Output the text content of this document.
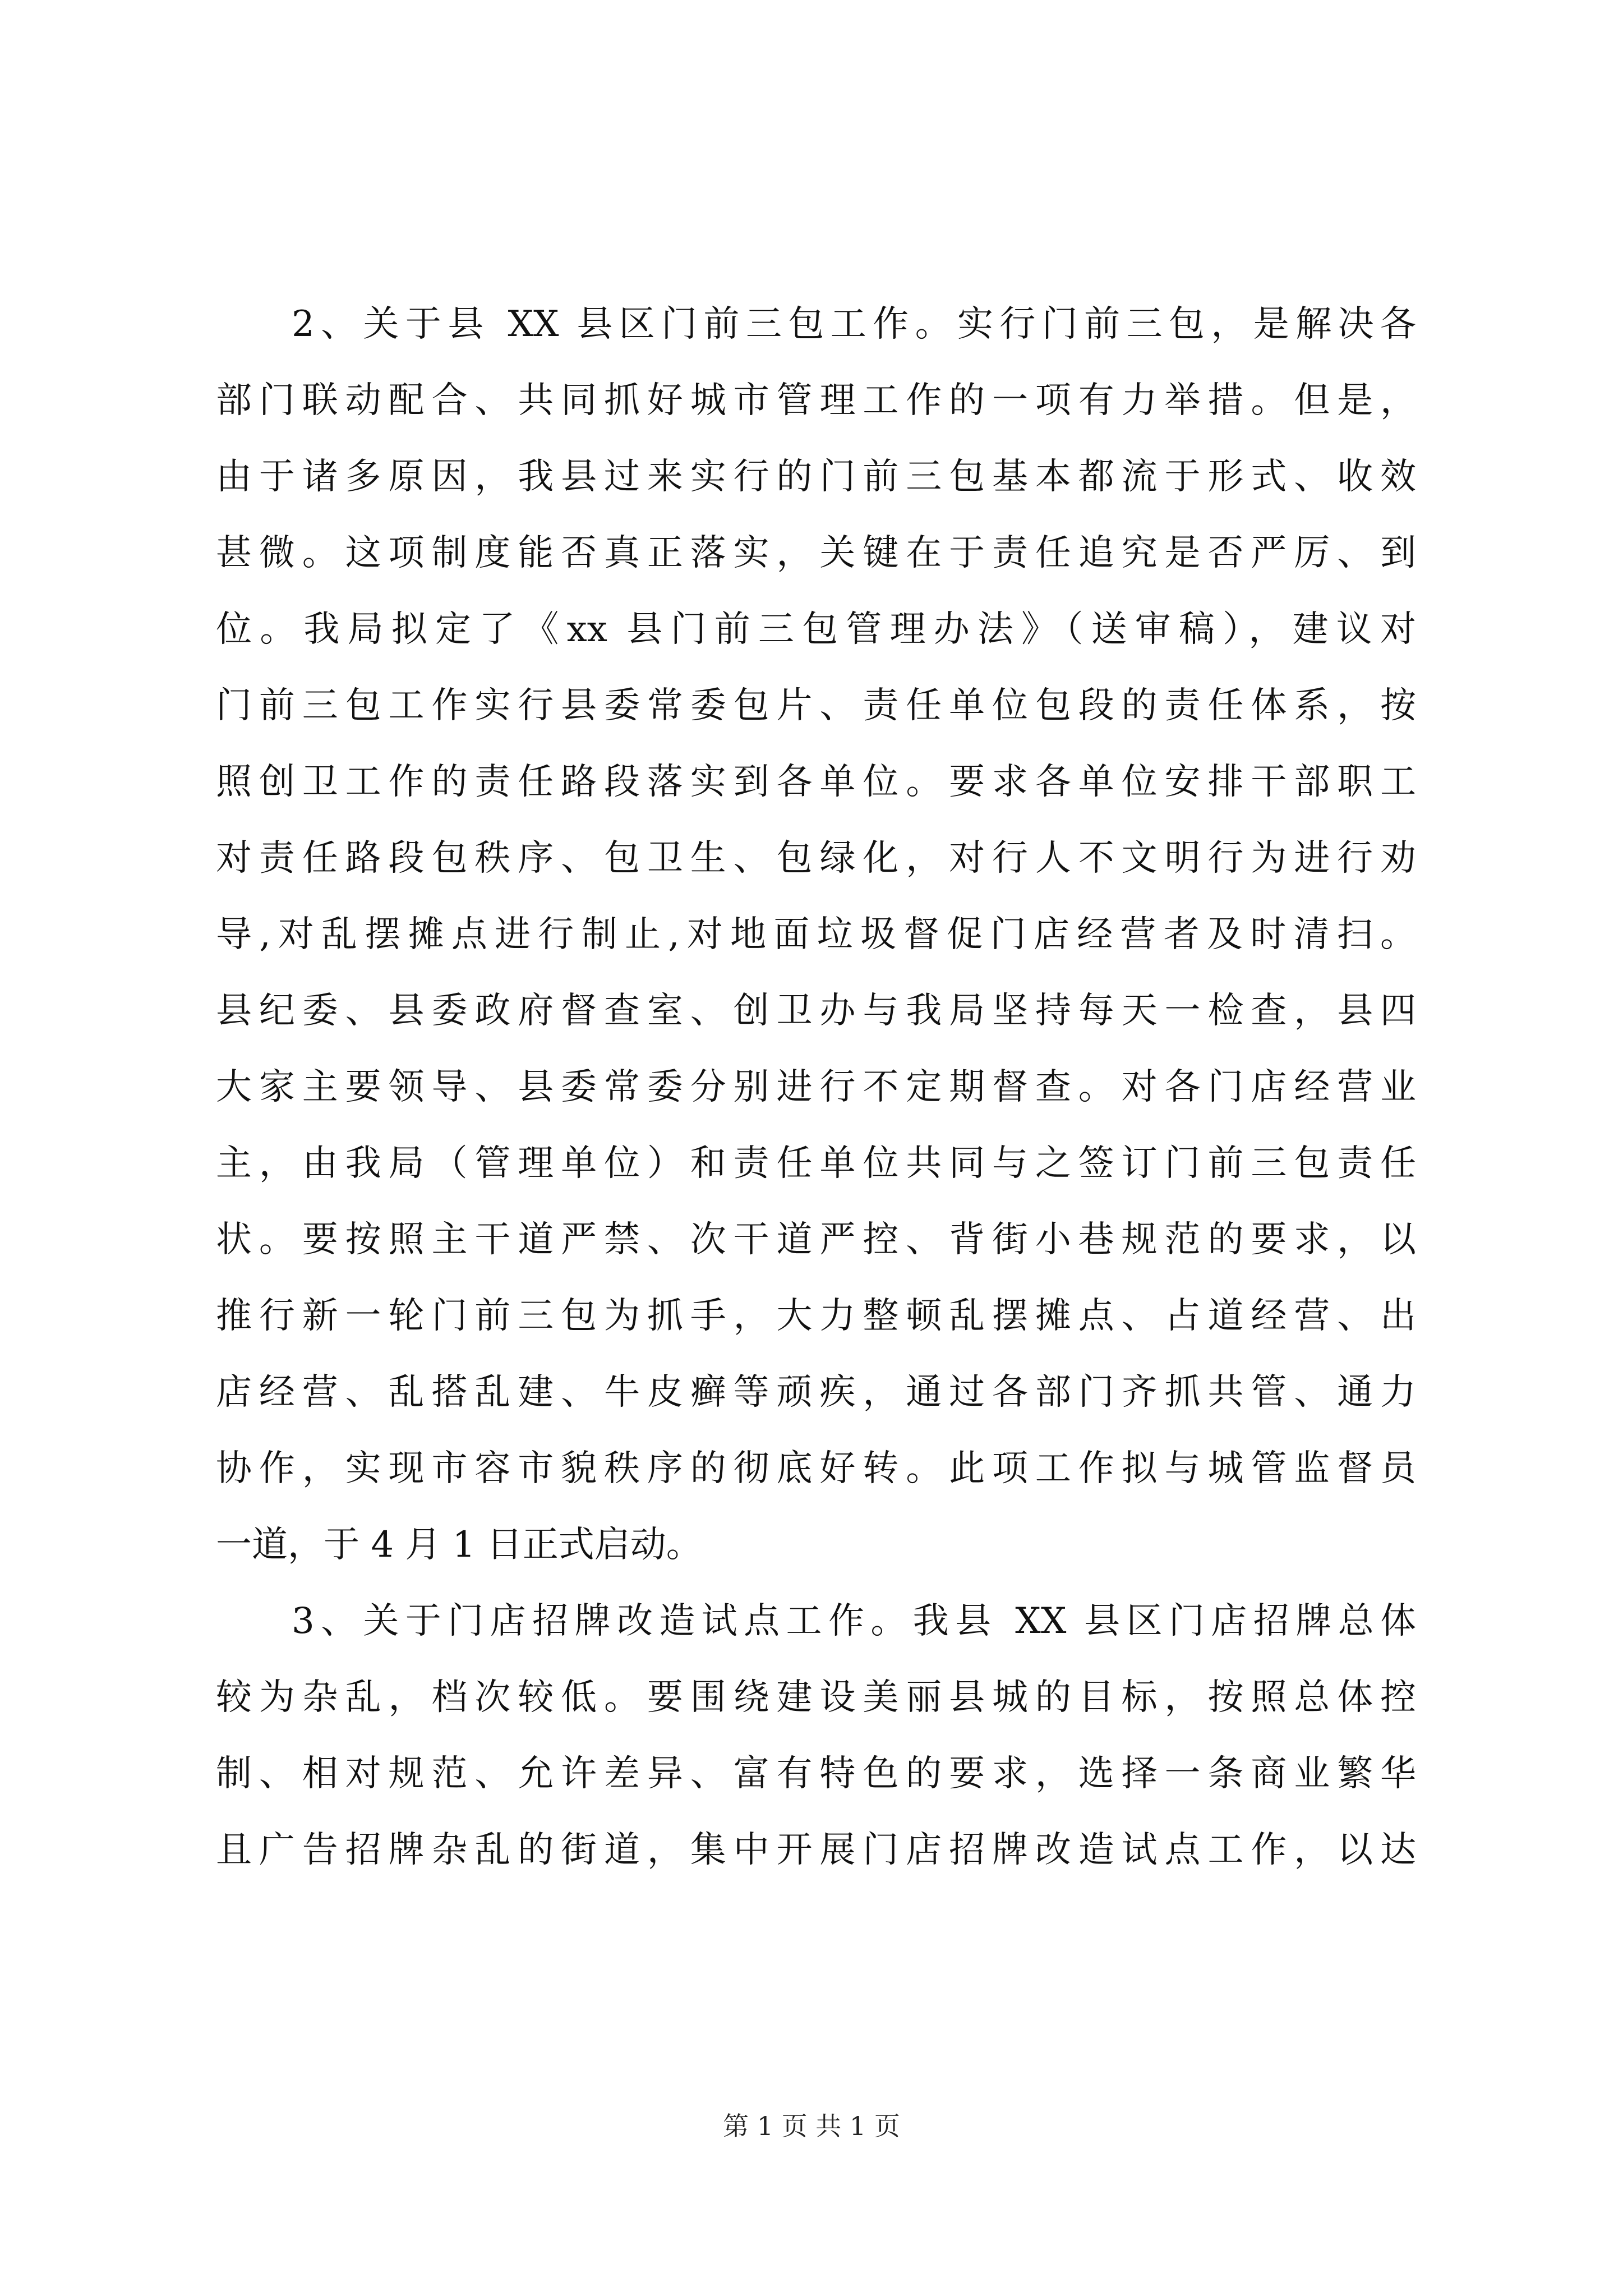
2、关于县 XX 县区门前三包工作。实行门前三包，是解决各
部门联动配合、共同抓好城市管理工作的一项有力举措。但是，
由于诸多原因，我县过来实行的门前三包基本都流于形式、收效
甚微。这项制度能否真正落实，关键在于责任追究是否严厉、到
位。我局拟定了《xx 县门前三包管理办法》（送审稿），建议对
门前三包工作实行县委常委包片、责任单位包段的责任体系，按
照创卫工作的责任路段落实到各单位。要求各单位安排干部职工
对责任路段包秩序、包卫生、包绿化，对行人不文明行为进行劝
导,对乱摆摊点进行制止,对地面垃圾督促门店经营者及时清扫。
县纪委、县委政府督查室、创卫办与我局坚持每天一检查，县四
大家主要领导、县委常委分别进行不定期督查。对各门店经营业
主，由我局（管理单位）和责任单位共同与之签订门前三包责任
状。要按照主干道严禁、次干道严控、背街小巷规范的要求，以
推行新一轮门前三包为抓手，大力整顿乱摆摊点、占道经营、出
店经营、乱搭乱建、牛皮癣等顽疾，通过各部门齐抓共管、通力
协作，实现市容市貌秩序的彻底好转。此项工作拟与城管监督员
一道，于 4 月 1 日正式启动。
3、关于门店招牌改造试点工作。我县 XX 县区门店招牌总体
较为杂乱，档次较低。要围绕建设美丽县城的目标，按照总体控
制、相对规范、允许差异、富有特色的要求，选择一条商业繁华
且广告招牌杂乱的街道，集中开展门店招牌改造试点工作，以达
第 1 页 共 1 页
